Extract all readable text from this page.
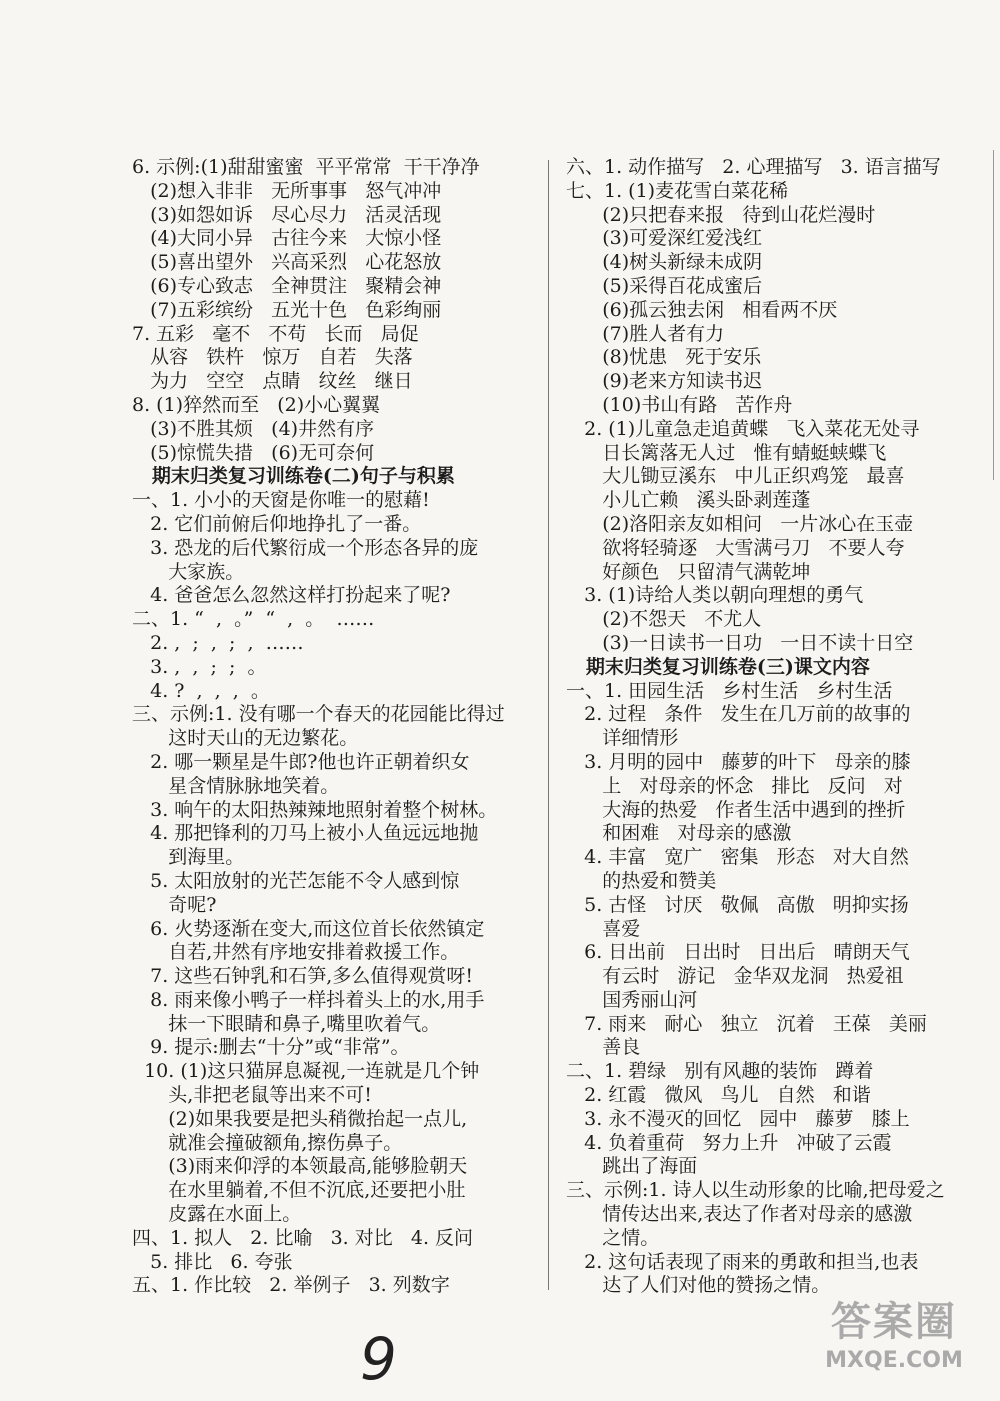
6. 示例:(1)甜甜蜜蜜  平平常常  干干净净
(2)想入非非   无所事事   怒气冲冲
(3)如怨如诉   尽心尽力   活灵活现
(4)大同小异   古往今来   大惊小怪
(5)喜出望外   兴高采烈   心花怒放
(6)专心致志   全神贯注   聚精会神
(7)五彩缤纷   五光十色   色彩绚丽
7. 五彩   毫不   不苟   长而   局促
从容   铁杵   惊万   自若   失落
为力   空空   点睛   纹丝   继日
8. (1)猝然而至   (2)小心翼翼
(3)不胜其烦   (4)井然有序
(5)惊慌失措   (6)无可奈何
期末归类复习训练卷(二)句子与积累
一、1. 小小的天窗是你唯一的慰藉!
2. 它们前俯后仰地挣扎了一番。
3. 恐龙的后代繁衍成一个形态各异的庞
大家族。
4. 爸爸怎么忽然这样打扮起来了呢?
二、1. “  ,  。”  “  ,  。  ……
2. ,  ;  ,  ;  ,  ……
3. ,  ,  ;  ;  。
4. ?  ,  ,  ,  。
三、示例:1. 没有哪一个春天的花园能比得过
这时天山的无边繁花。
2. 哪一颗星是牛郎?他也许正朝着织女
星含情脉脉地笑着。
3. 响午的太阳热辣辣地照射着整个树林。
4. 那把锋利的刀马上被小人鱼远远地抛
到海里。
5. 太阳放射的光芒怎能不令人感到惊
奇呢?
6. 火势逐渐在变大,而这位首长依然镇定
自若,井然有序地安排着救援工作。
7. 这些石钟乳和石笋,多么值得观赏呀!
8. 雨来像小鸭子一样抖着头上的水,用手
抹一下眼睛和鼻子,嘴里吹着气。
9. 提示:删去“十分”或“非常”。
10. (1)这只猫屏息凝视,一连就是几个钟
头,非把老鼠等出来不可!
(2)如果我要是把头稍微抬起一点儿,
就准会撞破额角,擦伤鼻子。
(3)雨来仰浮的本领最高,能够脸朝天
在水里躺着,不但不沉底,还要把小肚
皮露在水面上。
四、1. 拟人   2. 比喻   3. 对比   4. 反问
5. 排比   6. 夸张
五、1. 作比较   2. 举例子   3. 列数字
六、1. 动作描写   2. 心理描写   3. 语言描写
七、1. (1)麦花雪白菜花稀
(2)只把春来报   待到山花烂漫时
(3)可爱深红爱浅红
(4)树头新绿未成阴
(5)采得百花成蜜后
(6)孤云独去闲   相看两不厌
(7)胜人者有力
(8)忧患   死于安乐
(9)老来方知读书迟
(10)书山有路   苦作舟
2. (1)儿童急走追黄蝶   飞入菜花无处寻
日长篱落无人过   惟有蜻蜓蛱蝶飞
大儿锄豆溪东   中儿正织鸡笼   最喜
小儿亡赖   溪头卧剥莲蓬
(2)洛阳亲友如相问   一片冰心在玉壶
欲将轻骑逐   大雪满弓刀   不要人夸
好颜色   只留清气满乾坤
3. (1)诗给人类以朝向理想的勇气
(2)不怨天   不尤人
(3)一日读书一日功   一日不读十日空
期末归类复习训练卷(三)课文内容
一、1. 田园生活   乡村生活   乡村生活
2. 过程   条件   发生在几万前的故事的
详细情形
3. 月明的园中   藤萝的叶下   母亲的膝
上   对母亲的怀念   排比   反问   对
大海的热爱   作者生活中遇到的挫折
和困难   对母亲的感激
4. 丰富   宽广   密集   形态   对大自然
的热爱和赞美
5. 古怪   讨厌   敬佩   高傲   明抑实扬
喜爱
6. 日出前   日出时   日出后   晴朗天气
有云时   游记   金华双龙洞   热爱祖
国秀丽山河
7. 雨来   耐心   独立   沉着   王葆   美丽
善良
二、1. 碧绿   别有风趣的装饰   蹲着
2. 红霞   微风   鸟儿   自然   和谐
3. 永不漫灭的回忆   园中   藤萝   膝上
4. 负着重荷   努力上升   冲破了云霞
跳出了海面
三、示例:1. 诗人以生动形象的比喻,把母爱之
情传达出来,表达了作者对母亲的感激
之情。
2. 这句话表现了雨来的勇敢和担当,也表
达了人们对他的赞扬之情。
9
答案圈
MXQE.COM
